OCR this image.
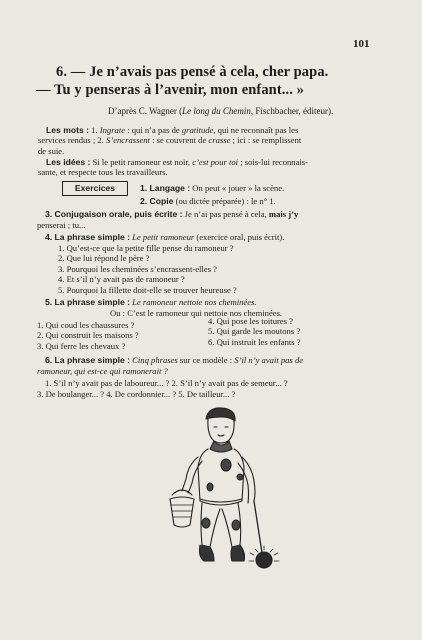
101
6. — Je n’avais pas pensé à cela, cher papa.
— Tu y penseras à l’avenir, mon enfant... »
D’après C. Wagner (Le long du Chemin, Fischbacher, éditeur).
Les mots : 1. Ingrate : qui n’a pas de gratitude, qui ne reconnaît pas les
services rendus ; 2. S’encrassent : se couvrent de crasse ; ici : se remplissent
de suie.
Les idées : Si le petit ramoneur est noir, c’est pour toi ; sois-lui reconnais-
sante, et respecte tous les travailleurs.
Exercices	1. Langage : On peut « jouer » la scène.
2. Copie (ou dictée préparée) : le n° 1.
3. Conjugaison orale, puis écrite : Je n’ai pas pensé à cela, mais j’y
penserai ; tu...
4. La phrase simple : Le petit ramoneur (exercice oral, puis écrit).
1. Qu’est-ce que la petite fille pense du ramoneur ?
2. Que lui répond le père ?
3. Pourquoi les cheminées s’encrassent-elles ?
4. Et s’il n’y avait pas de ramoneur ?
5. Pourquoi la fillette doit-elle se trouver heureuse ?
5. La phrase simple : Le ramoneur nettoie nos cheminées.
Ou : C’est le ramoneur qui nettoie nos cheminées.
1. Qui coud les chaussures ?
2. Qui construit les maisons ?
3. Qui ferre les chevaux ?
4. Qui pose les toitures ?
5. Qui garde les moutons ?
6. Qui instruit les enfants ?
6. La phrase simple : Cinq phrases sur ce modèle : S’il n’y avait pas de
ramoneur, qui est-ce qui ramonerait ?
1. S’il n’y avait pas de laboureur... ? 2. S’il n’y avait pas de semeur... ?
3. De boulanger... ? 4. De cordonnier... ? 5. De tailleur... ?
